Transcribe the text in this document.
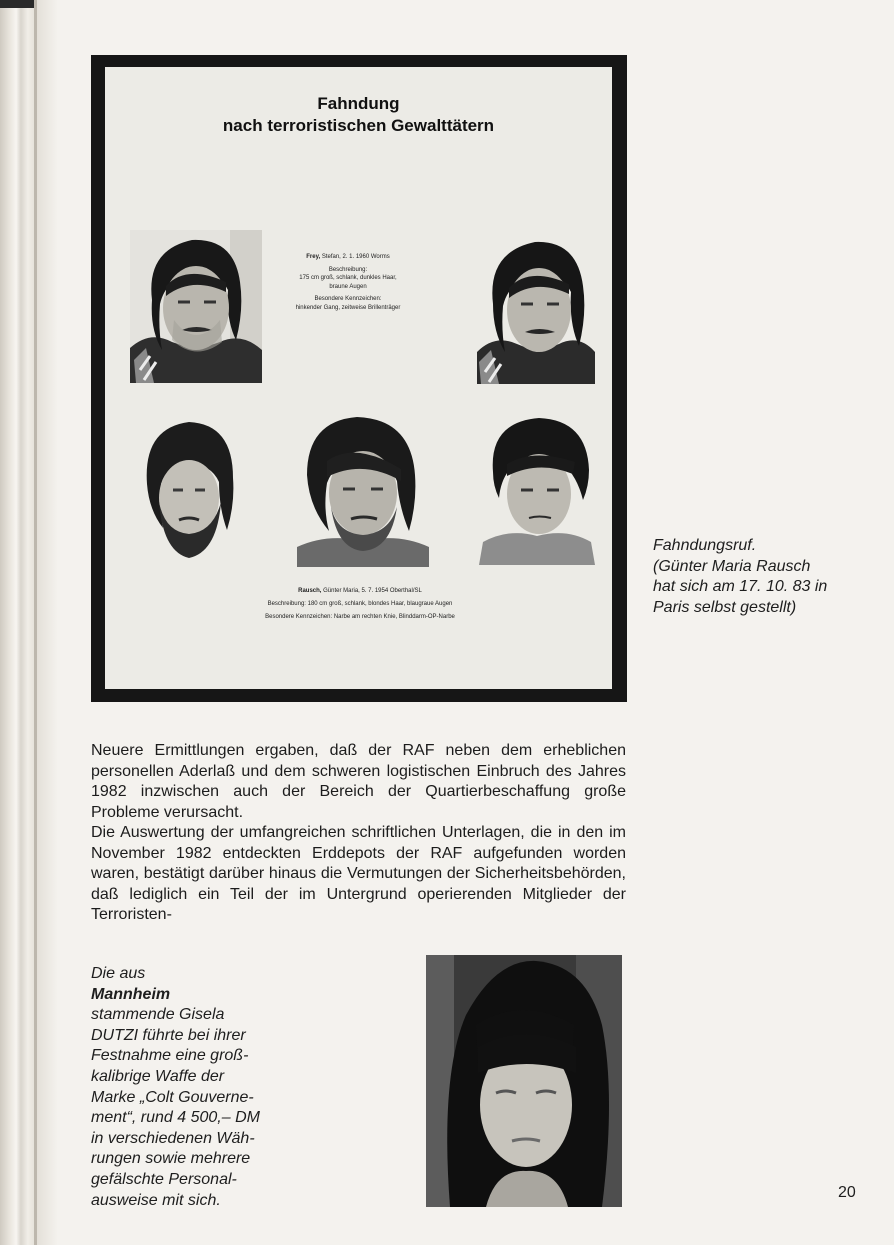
Fahndung
nach terroristischen Gewalttätern

Frey, Stefan, 2. 1. 1960 Worms

Beschreibung:
175 cm groß, schlank, dunkles Haar,
braune Augen

Besondere Kennzeichen:
hinkender Gang, zeitweise Brillenträger

Rausch, Günter Maria, 5. 7. 1954 Oberthal/SL

Beschreibung: 180 cm groß, schlank, blondes Haar, blaugraue Augen

Besondere Kennzeichen: Narbe am rechten Knie, Blinddarm-OP-Narbe

Fahndungsruf.
(Günter Maria Rausch
hat sich am 17. 10. 83 in
Paris selbst gestellt)

Neuere Ermittlungen ergaben, daß der RAF neben dem erheblichen personellen Aderlaß und dem schweren logistischen Einbruch des Jahres 1982 inzwischen auch der Bereich der Quartierbeschaffung große Probleme verursacht.

Die Auswertung der umfangreichen schriftlichen Unterlagen, die in den im November 1982 entdeckten Erddepots der RAF aufgefunden worden waren, bestätigt darüber hinaus die Vermutungen der Sicherheitsbehörden, daß lediglich ein Teil der im Untergrund operierenden Mitglieder der Terroristen-

Die aus
Mannheim
stammende Gisela
DUTZI führte bei ihrer
Festnahme eine groß-
kalibrige Waffe der
Marke „Colt Gouverne-
ment“, rund 4 500,– DM
in verschiedenen Wäh-
rungen sowie mehrere
gefälschte Personal-
ausweise mit sich.	20
